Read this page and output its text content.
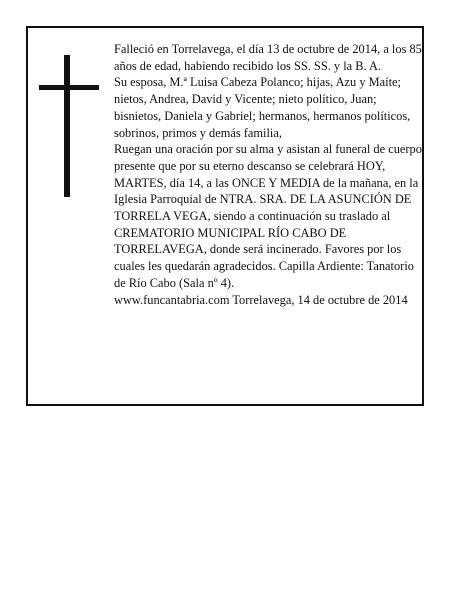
Falleció en Torrelavega, el día 13 de octubre de 2014, a los 85 años de edad, habiendo recibido los SS. SS. y la B. A.

Su esposa, M.ª Luisa Cabeza Polanco; hijas, Azu y Maíte; nietos, Andrea, David y Vicente; nieto político, Juan; bisnietos, Daniela y Gabriel; hermanos, hermanos políticos, sobrinos, primos y demás familia,

Ruegan una oración por su alma y asistan al funeral de cuerpo presente que por su eterno descanso se celebrará HOY, MARTES, día 14, a las ONCE Y MEDIA de la mañana, en la Iglesia Parroquial de NTRA. SRA. DE LA ASUNCIÓN DE TORRELA VEGA, siendo a continuación su traslado al CREMATORIO MUNICIPAL RÍO CABO DE TORRELAVEGA, donde será incinerado. Favores por los cuales les quedarán agradecidos. Capilla Ardiente: Tanatorio de Río Cabo (Sala nº 4).

www.funcantabria.com Torrelavega, 14 de octubre de 2014
